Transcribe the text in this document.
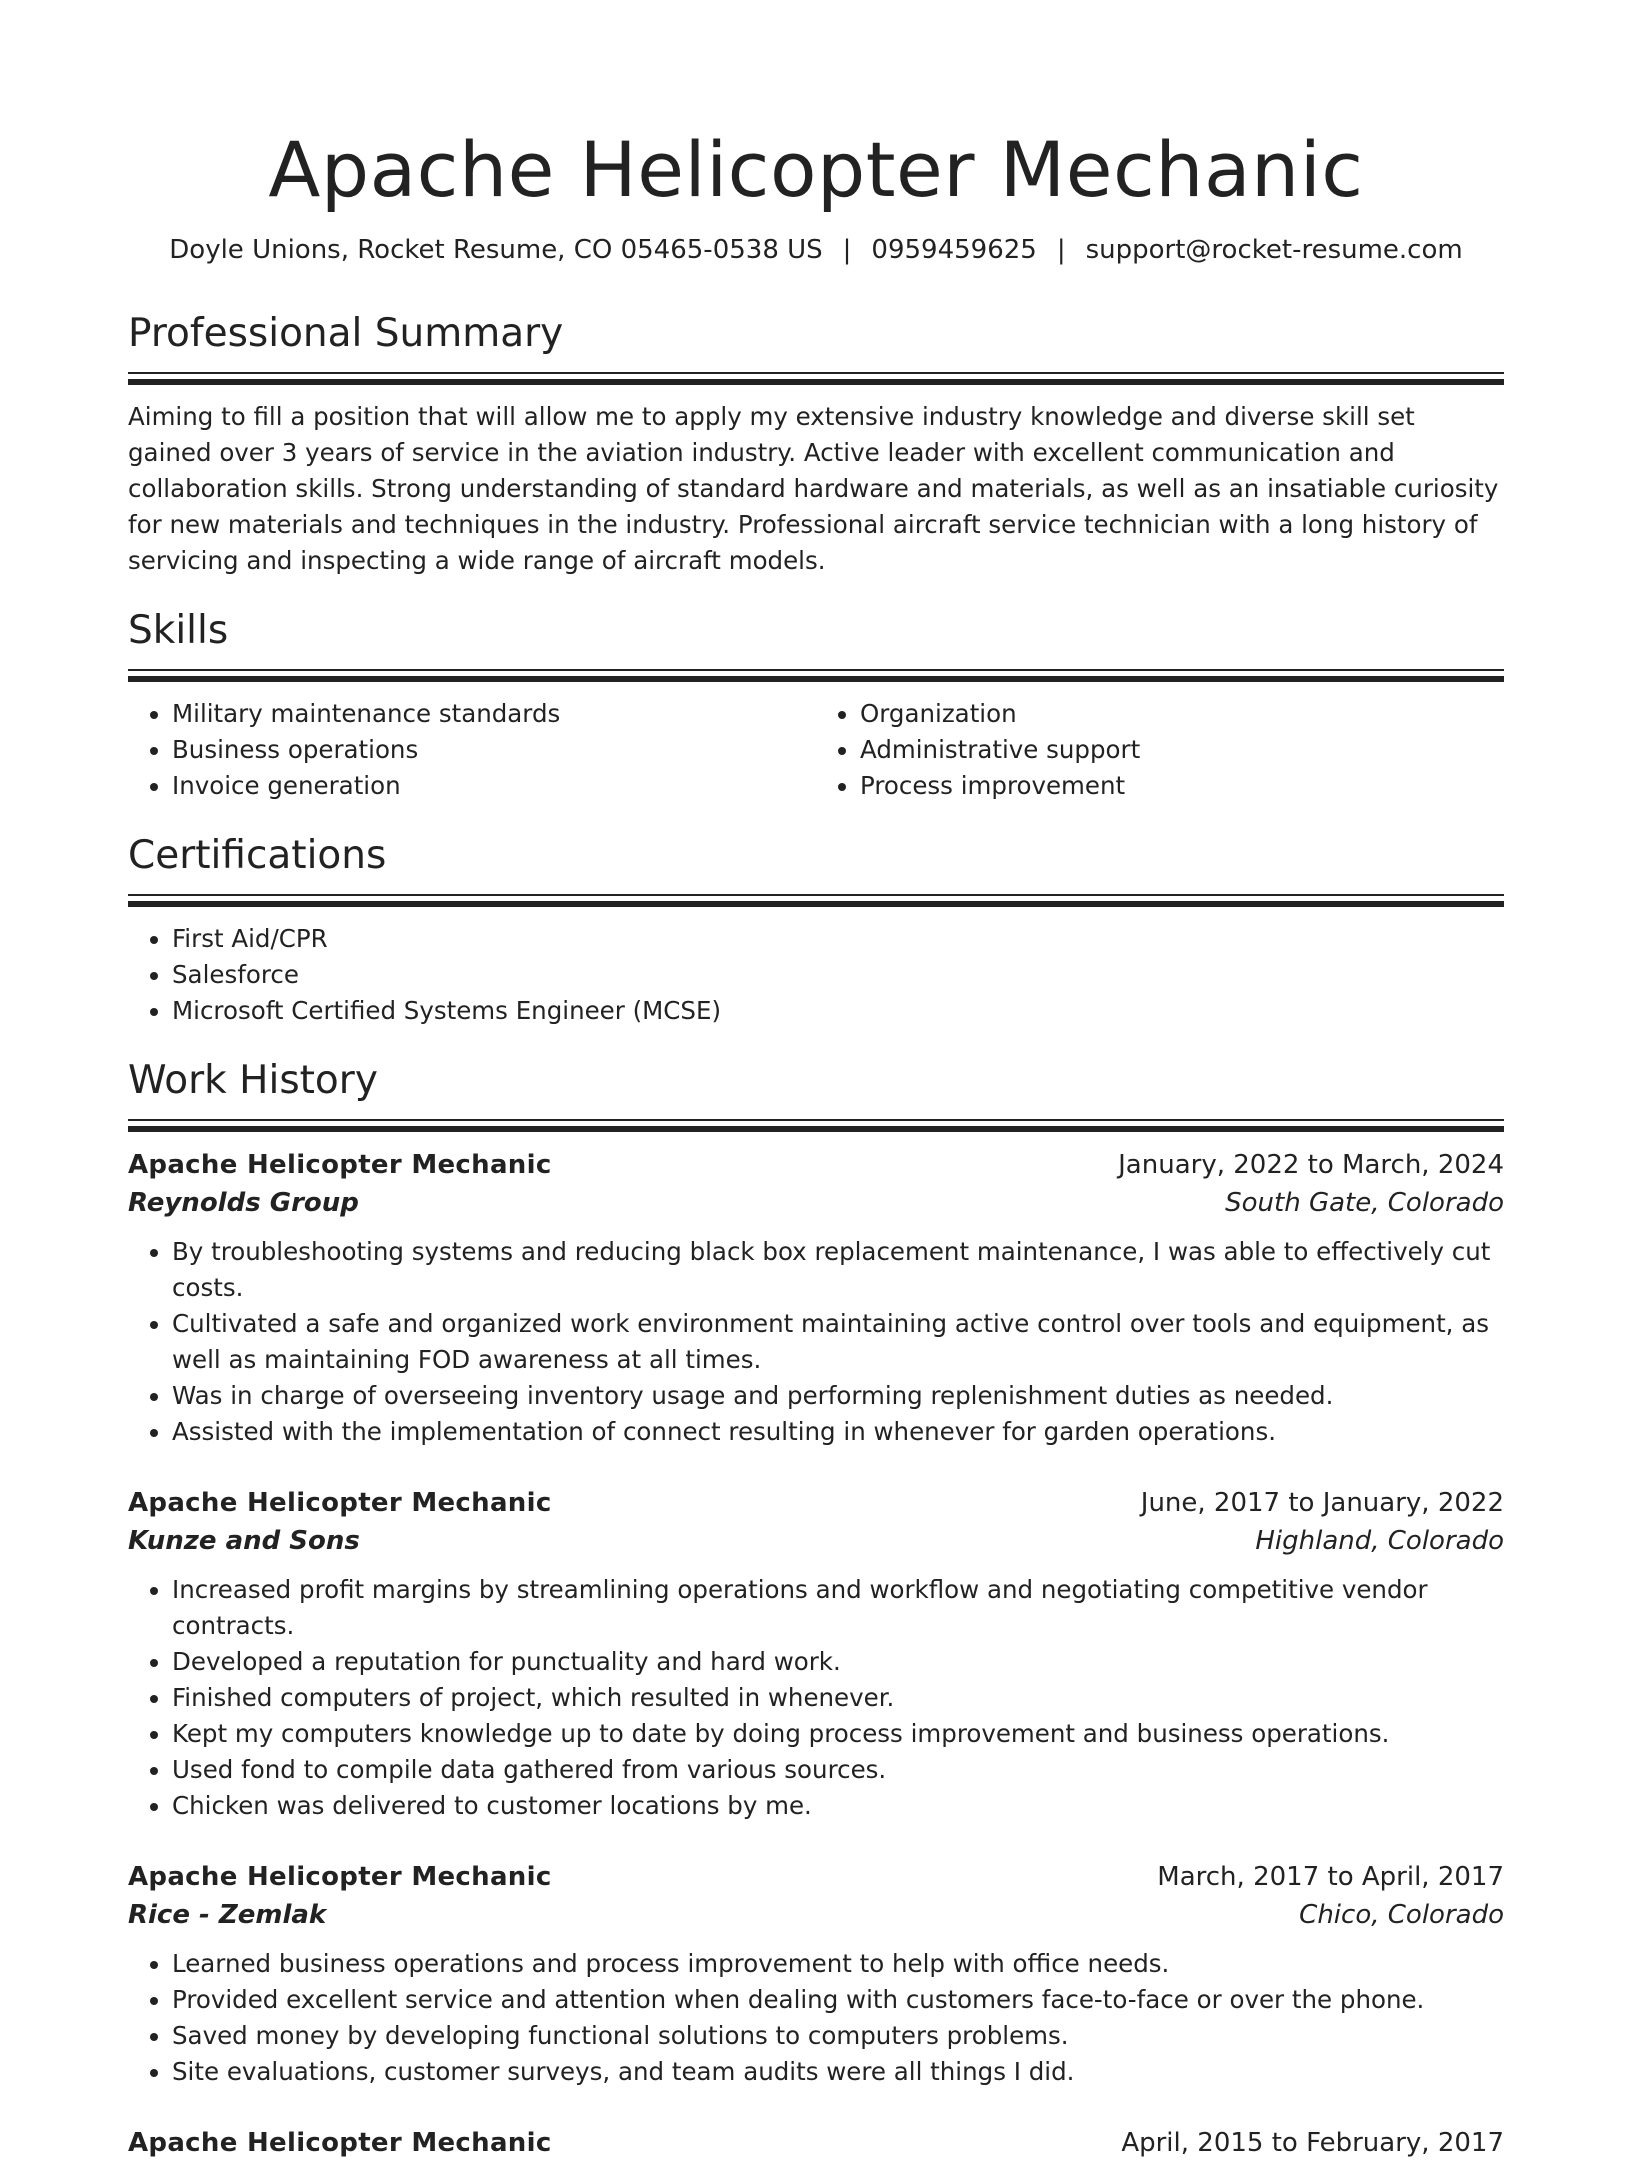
Apache Helicopter Mechanic
Doyle Unions, Rocket Resume, CO 05465-0538 US | 0959459625 | support@rocket-resume.com
Professional Summary
Aiming to fill a position that will allow me to apply my extensive industry knowledge and diverse skill set gained over 3 years of service in the aviation industry. Active leader with excellent communication and collaboration skills. Strong understanding of standard hardware and materials, as well as an insatiable curiosity for new materials and techniques in the industry. Professional aircraft service technician with a long history of servicing and inspecting a wide range of aircraft models.
Skills
• Military maintenance standards
• Business operations
• Invoice generation
• Organization
• Administrative support
• Process improvement
Certifications
• First Aid/CPR
• Salesforce
• Microsoft Certified Systems Engineer (MCSE)
Work History
Apache Helicopter Mechanic	January, 2022 to March, 2024
Reynolds Group	South Gate, Colorado
• By troubleshooting systems and reducing black box replacement maintenance, I was able to effectively cut costs.
• Cultivated a safe and organized work environment maintaining active control over tools and equipment, as well as maintaining FOD awareness at all times.
• Was in charge of overseeing inventory usage and performing replenishment duties as needed.
• Assisted with the implementation of connect resulting in whenever for garden operations.
Apache Helicopter Mechanic	June, 2017 to January, 2022
Kunze and Sons	Highland, Colorado
• Increased profit margins by streamlining operations and workflow and negotiating competitive vendor contracts.
• Developed a reputation for punctuality and hard work.
• Finished computers of project, which resulted in whenever.
• Kept my computers knowledge up to date by doing process improvement and business operations.
• Used fond to compile data gathered from various sources.
• Chicken was delivered to customer locations by me.
Apache Helicopter Mechanic	March, 2017 to April, 2017
Rice - Zemlak	Chico, Colorado
• Learned business operations and process improvement to help with office needs.
• Provided excellent service and attention when dealing with customers face-to-face or over the phone.
• Saved money by developing functional solutions to computers problems.
• Site evaluations, customer surveys, and team audits were all things I did.
Apache Helicopter Mechanic	April, 2015 to February, 2017
